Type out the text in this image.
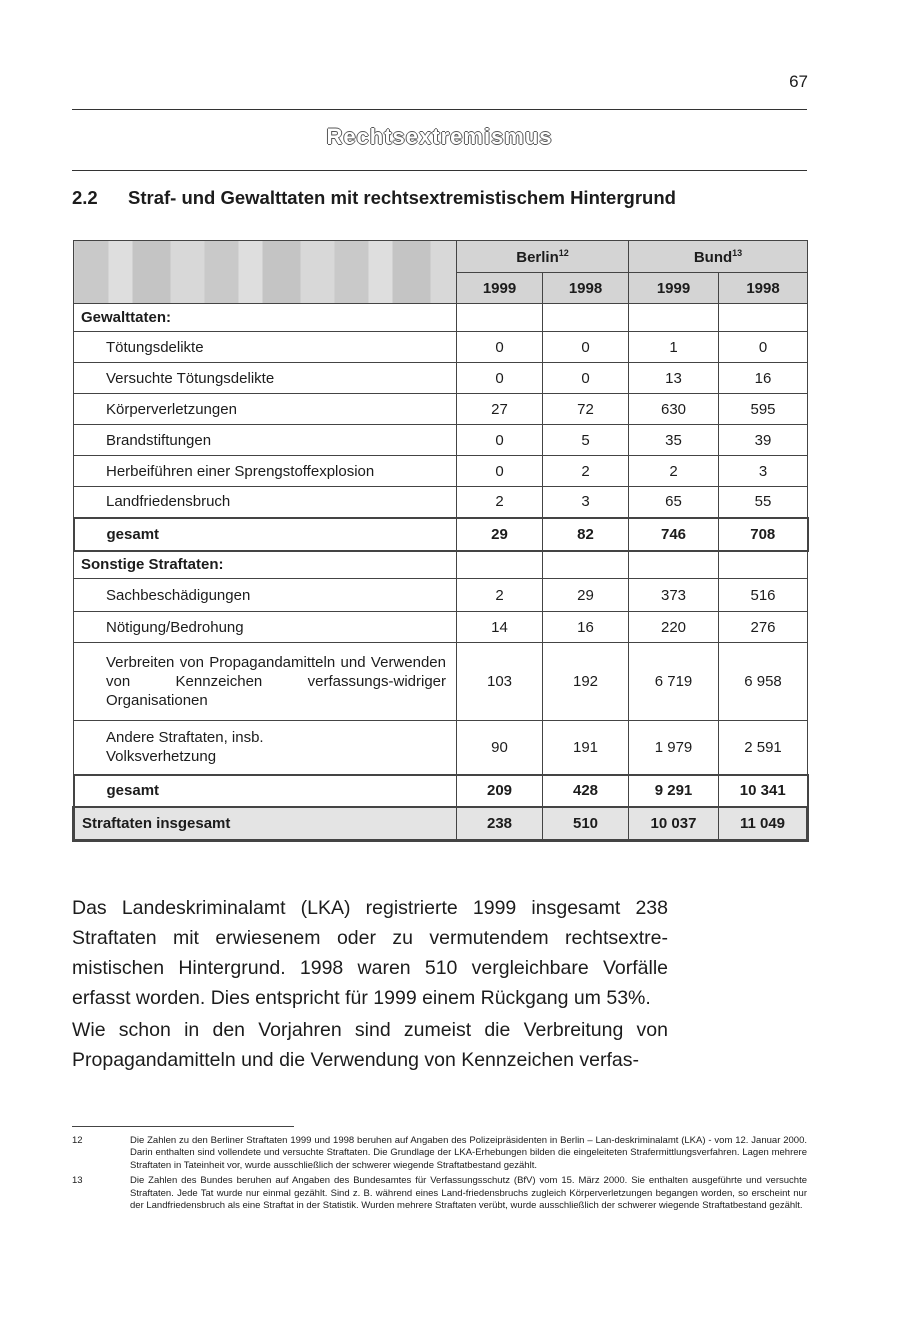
67
Rechtsextremismus
2.2 Straf- und Gewalttaten mit rechtsextremistischem Hintergrund
	Berlin$^{12}$		Bund$^{13}$
	1999	1998	1999	1998
Gewalttaten:				
Tötungsdelikte	0	0	1	0
Versuchte Tötungsdelikte	0	0	13	16
Körperverletzungen	27	72	630	595
Brandstiftungen	0	5	35	39
Herbeiführen einer Sprengstoffexplosion	0	2	2	3
Landfriedensbruch	2	3	65	55
gesamt	29	82	746	708
Sonstige Straftaten:				
Sachbeschädigungen	2	29	373	516
Nötigung/Bedrohung	14	16	220	276
Verbreiten von Propagandamitteln und Verwenden von Kennzeichen verfassungs-widriger Organisationen	103	192	6 719	6 958
Andere Straftaten, insb. Volksverhetzung	90	191	1 979	2 591
gesamt	209	428	9 291	10 341
Straftaten insgesamt	238	510	10 037	11 049

Das Landeskriminalamt (LKA) registrierte 1999 insgesamt 238 Straftaten mit erwiesenem oder zu vermutendem rechtsextre-mistischen Hintergrund. 1998 waren 510 vergleichbare Vorfälle erfasst worden. Dies entspricht für 1999 einem Rückgang um 53%.

Wie schon in den Vorjahren sind zumeist die Verbreitung von Propagandamitteln und die Verwendung von Kennzeichen verfas-

12	Die Zahlen zu den Berliner Straftaten 1999 und 1998 beruhen auf Angaben des Polizeipräsidenten in Berlin – Lan-deskriminalamt (LKA) - vom 12. Januar 2000. Darin enthalten sind vollendete und versuchte Straftaten. Die Grundlage der LKA-Erhebungen bilden die eingeleiteten Strafermittlungsverfahren. Lagen mehrere Straftaten in Tateinheit vor, wurde ausschließlich der schwerer wiegende Straftatbestand gezählt.
13	Die Zahlen des Bundes beruhen auf Angaben des Bundesamtes für Verfassungsschutz (BfV) vom 15. März 2000. Sie enthalten ausgeführte und versuchte Straftaten. Jede Tat wurde nur einmal gezählt. Sind z. B. während eines Land-friedensbruchs zugleich Körperverletzungen begangen worden, so erscheint nur der Landfriedensbruch als eine Straftat in der Statistik. Wurden mehrere Straftaten verübt, wurde ausschließlich der schwerer wiegende Straftatbestand gezählt.
